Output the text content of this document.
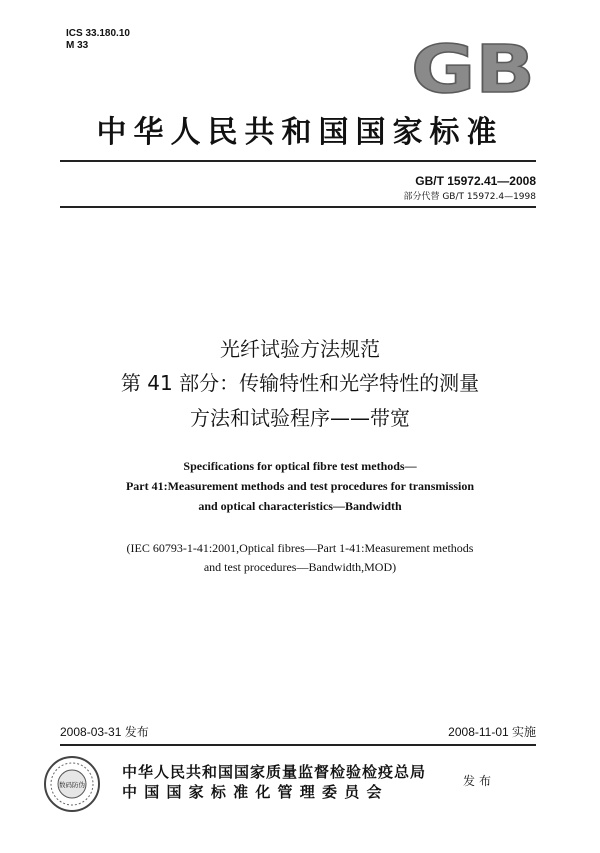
ICS 33.180.10
M 33	GB
中华人民共和国国家标准
GB/T 15972.41—2008
部分代替 GB/T 15972.4—1998
光纤试验方法规范
第 41 部分：传输特性和光学特性的测量
方法和试验程序——带宽
Specifications for optical fibre test methods—
Part 41:Measurement methods and test procedures for transmission
and optical characteristics—Bandwidth
(IEC 60793-1-41:2001,Optical fibres—Part 1-41:Measurement methods
and test procedures—Bandwidth,MOD)
2008-03-31 发布	2008-11-01 实施
数码防伪
中华人民共和国国家质量监督检验检疫总局
中 国 国 家 标 准 化 管 理 委 员 会
发布
